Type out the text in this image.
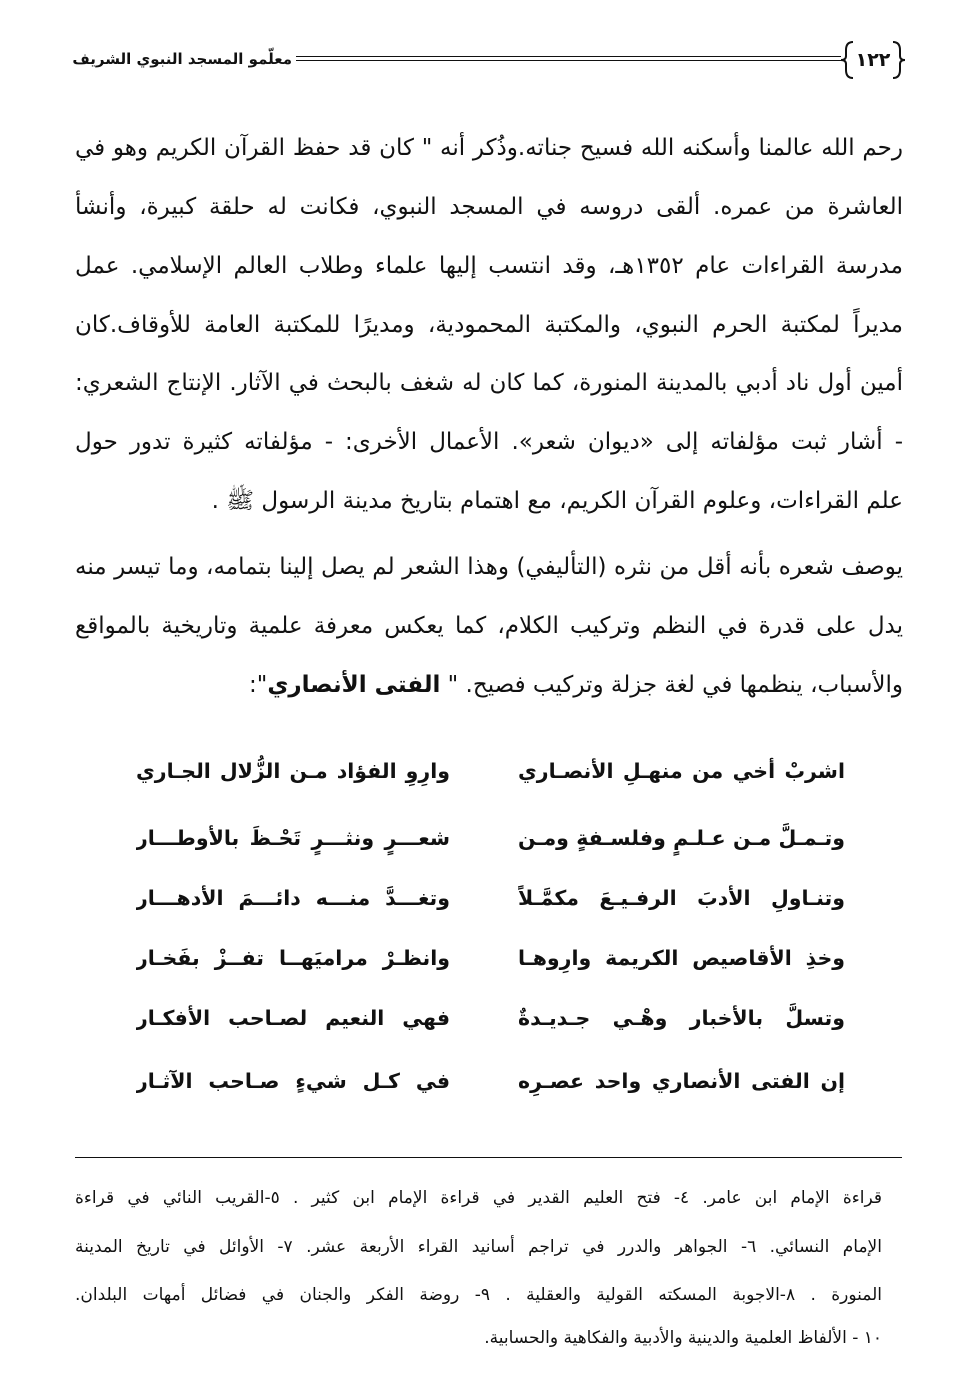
معلّمو المسجد النبوي الشريف	١٢٢
رحم الله عالمنا وأسكنه الله فسيح جناته.وذُكر أنه " كان قد حفظ القرآن الكريم وهو في
العاشرة من عمره. ألقى دروسه في المسجد النبوي، فكانت له حلقة كبيرة، وأنشأ
مدرسة القراءات عام ١٣٥٢هـ، وقد انتسب إليها علماء وطلاب العالم الإسلامي. عمل
مديراً لمكتبة الحرم النبوي، والمكتبة المحمودية، ومديرًا للمكتبة العامة للأوقاف.كان
أمين أول ناد أدبي بالمدينة المنورة، كما كان له شغف بالبحث في الآثار. الإنتاج الشعري:
- أشار ثبت مؤلفاته إلى «ديوان شعر». الأعمال الأخرى: - مؤلفاته كثيرة تدور حول
علم القراءات، وعلوم القرآن الكريم، مع اهتمام بتاريخ مدينة الرسول ﷺ .
يوصف شعره بأنه أقل من نثره (التأليفي) وهذا الشعر لم يصل إلينا بتمامه، وما تيسر منه
يدل على قدرة في النظم وتركيب الكلام، كما يعكس معرفة علمية وتاريخية بالمواقع
والأسباب، ينظمها في لغة جزلة وتركيب فصيح. " الفتى الأنصاري":
اشربْ أخي من منهـلِ الأنصـاري
وارِوِ الفؤاد مـن الزُّلال الجـاري
وتـمـلَّ مـن عـلـمٍ وفلسـفةٍ ومـن
شعـــرٍ ونثـــرٍ تَحْـظَ بالأوطـــار
وتنـاولِ الأدبَ الرفـيـعَ مكمَّـلاً
وتغـــدَّ منـــه دائـــمَ الأدهـــار
وخذِ الأقاصيص الكريمة وارِوهـا
وانظـرْ مراميَهــا تفــزْ بفَخـار
وتسلَّ بالأخبار وهْـي جـديـدةٌ
فهي النعيم لصـاحب الأفكـار
إن الفتى الأنصاري واحد عصـرِه
في كـل شيءٍ صـاحب الآثـار
قراءة الإمام ابن عامر. ٤- فتح العليم القدير في قراءة الإمام ابن كثير . ٥-القريب النائي في قراءة
الإمام النسائي. ٦- الجواهر والدرر في تراجم أسانيد القراء الأربعة عشر. ٧- الأوائل في تاريخ المدينة
المنورة . ٨-الاجوبة المسكته القولية والعقلية . ٩- روضة الفكر والجنان في فضائل أمهات البلدان.
١٠ - الألفاظ العلمية والدينية والأدبية والفكاهية والحسابية.
